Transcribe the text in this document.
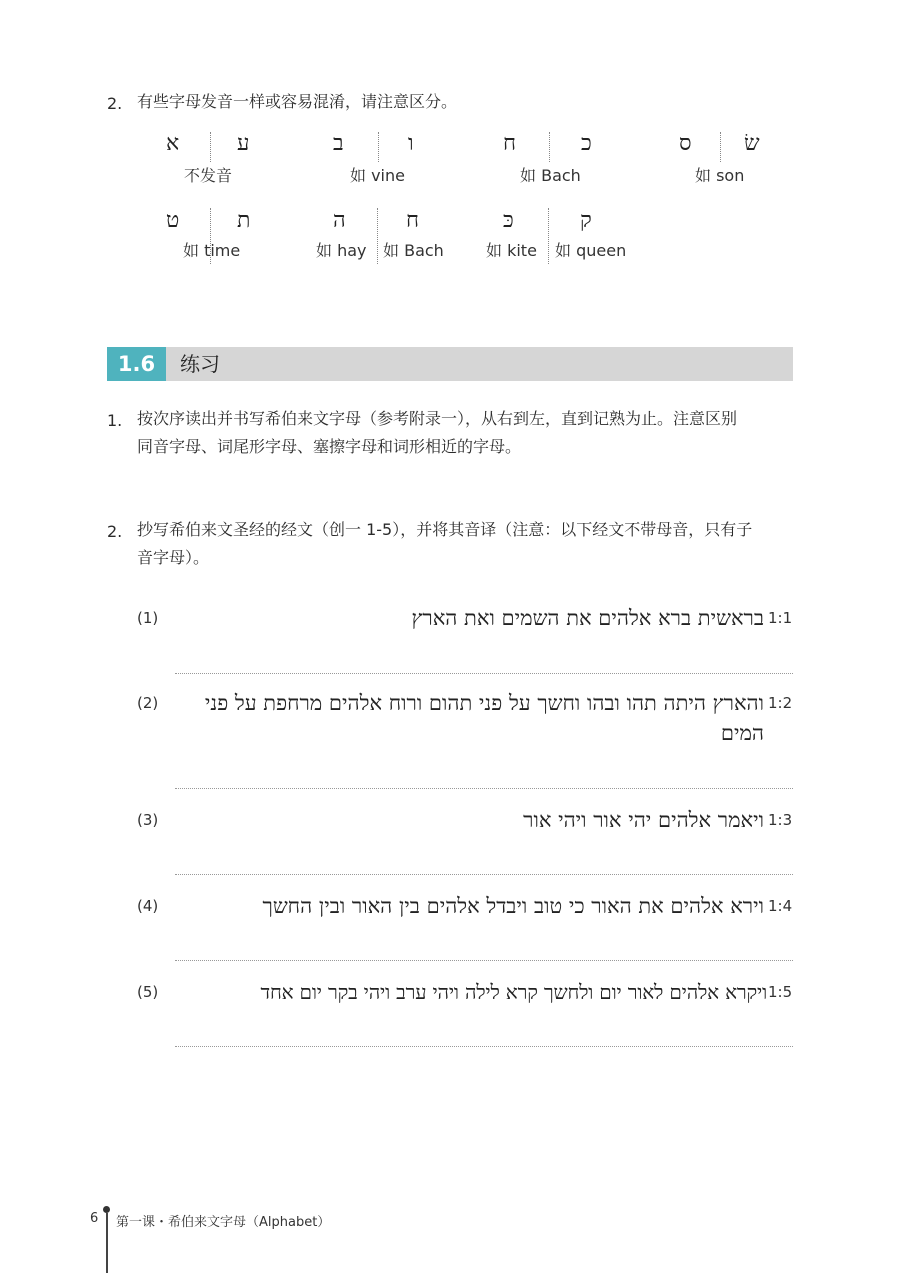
2. 有些字母发音一样或容易混淆，请注意区分。
א	ע
不发音
ב	ו
如 vine
ח	כ
如 Bach
ס שׂ
如 son
ט	ת
如 time
ה
如 hay
ח
如 Bach
כּ
如 kite
ק
如 queen
1.6	练习
1. 按次序读出并书写希伯来文字母（参考附录一），从右到左，直到记熟为止。注意区别
同音字母、词尾形字母、塞擦字母和词形相近的字母。
2. 抄写希伯来文圣经的经文（创一 1-5），并将其音译（注意：以下经文不带母音，只有子
音字母）。
(1)	בראשית ברא אלהים את השמים ואת הארץ 1:1
(2)	והארץ היתה תהו ובהו וחשך על פני תהום ורוח אלהים מרחפת על פני המים
1:2
(3)	ויאמר אלהים יהי אור ויהי אור 1:3
(4)	וירא אלהים את האור כי טוב ויבדל אלהים בין האור ובין החשך 1:4
(5)	ויקרא אלהים לאור יום ולחשך קרא לילה ויהי ערב ויהי בקר יום אחד 1:5
6 第一课・希伯来文字母（Alphabet）
